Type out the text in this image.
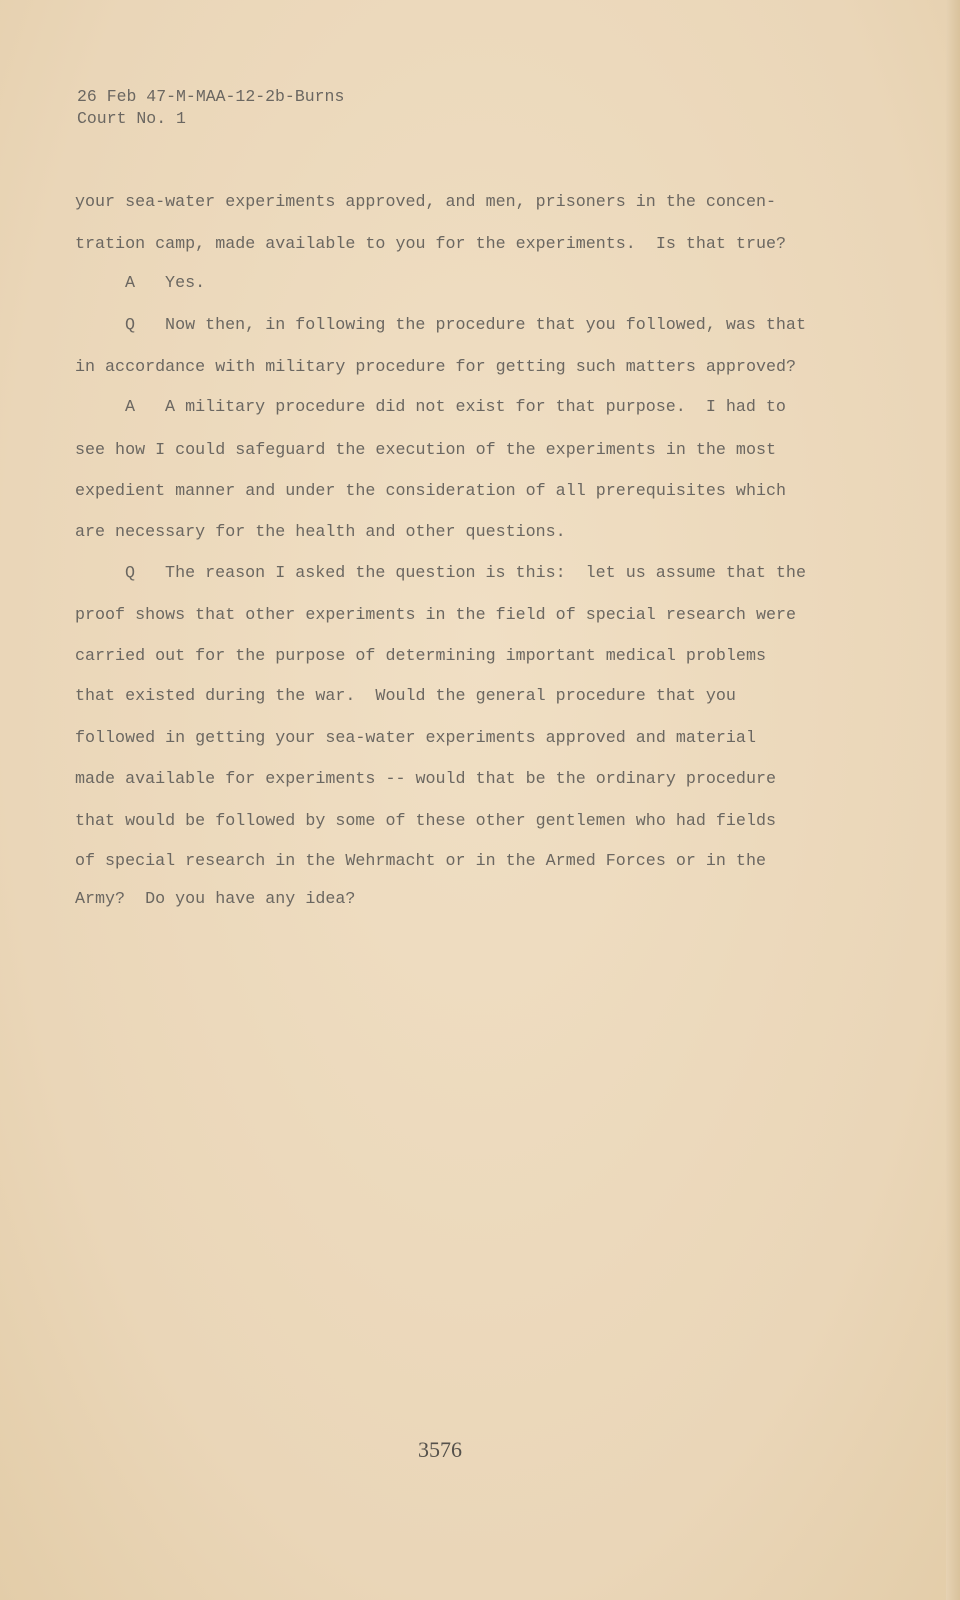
26 Feb 47-M-MAA-12-2b-Burns
Court No. 1
your sea-water experiments approved, and men, prisoners in the concen-
tration camp, made available to you for the experiments.  Is that true?
A   Yes.
Q   Now then, in following the procedure that you followed, was that
in accordance with military procedure for getting such matters approved?
A   A military procedure did not exist for that purpose.  I had to
see how I could safeguard the execution of the experiments in the most
expedient manner and under the consideration of all prerequisites which
are necessary for the health and other questions.
Q   The reason I asked the question is this:  let us assume that the
proof shows that other experiments in the field of special research were
carried out for the purpose of determining important medical problems
that existed during the war.  Would the general procedure that you
followed in getting your sea-water experiments approved and material
made available for experiments -- would that be the ordinary procedure
that would be followed by some of these other gentlemen who had fields
of special research in the Wehrmacht or in the Armed Forces or in the
Army?  Do you have any idea?
3576
